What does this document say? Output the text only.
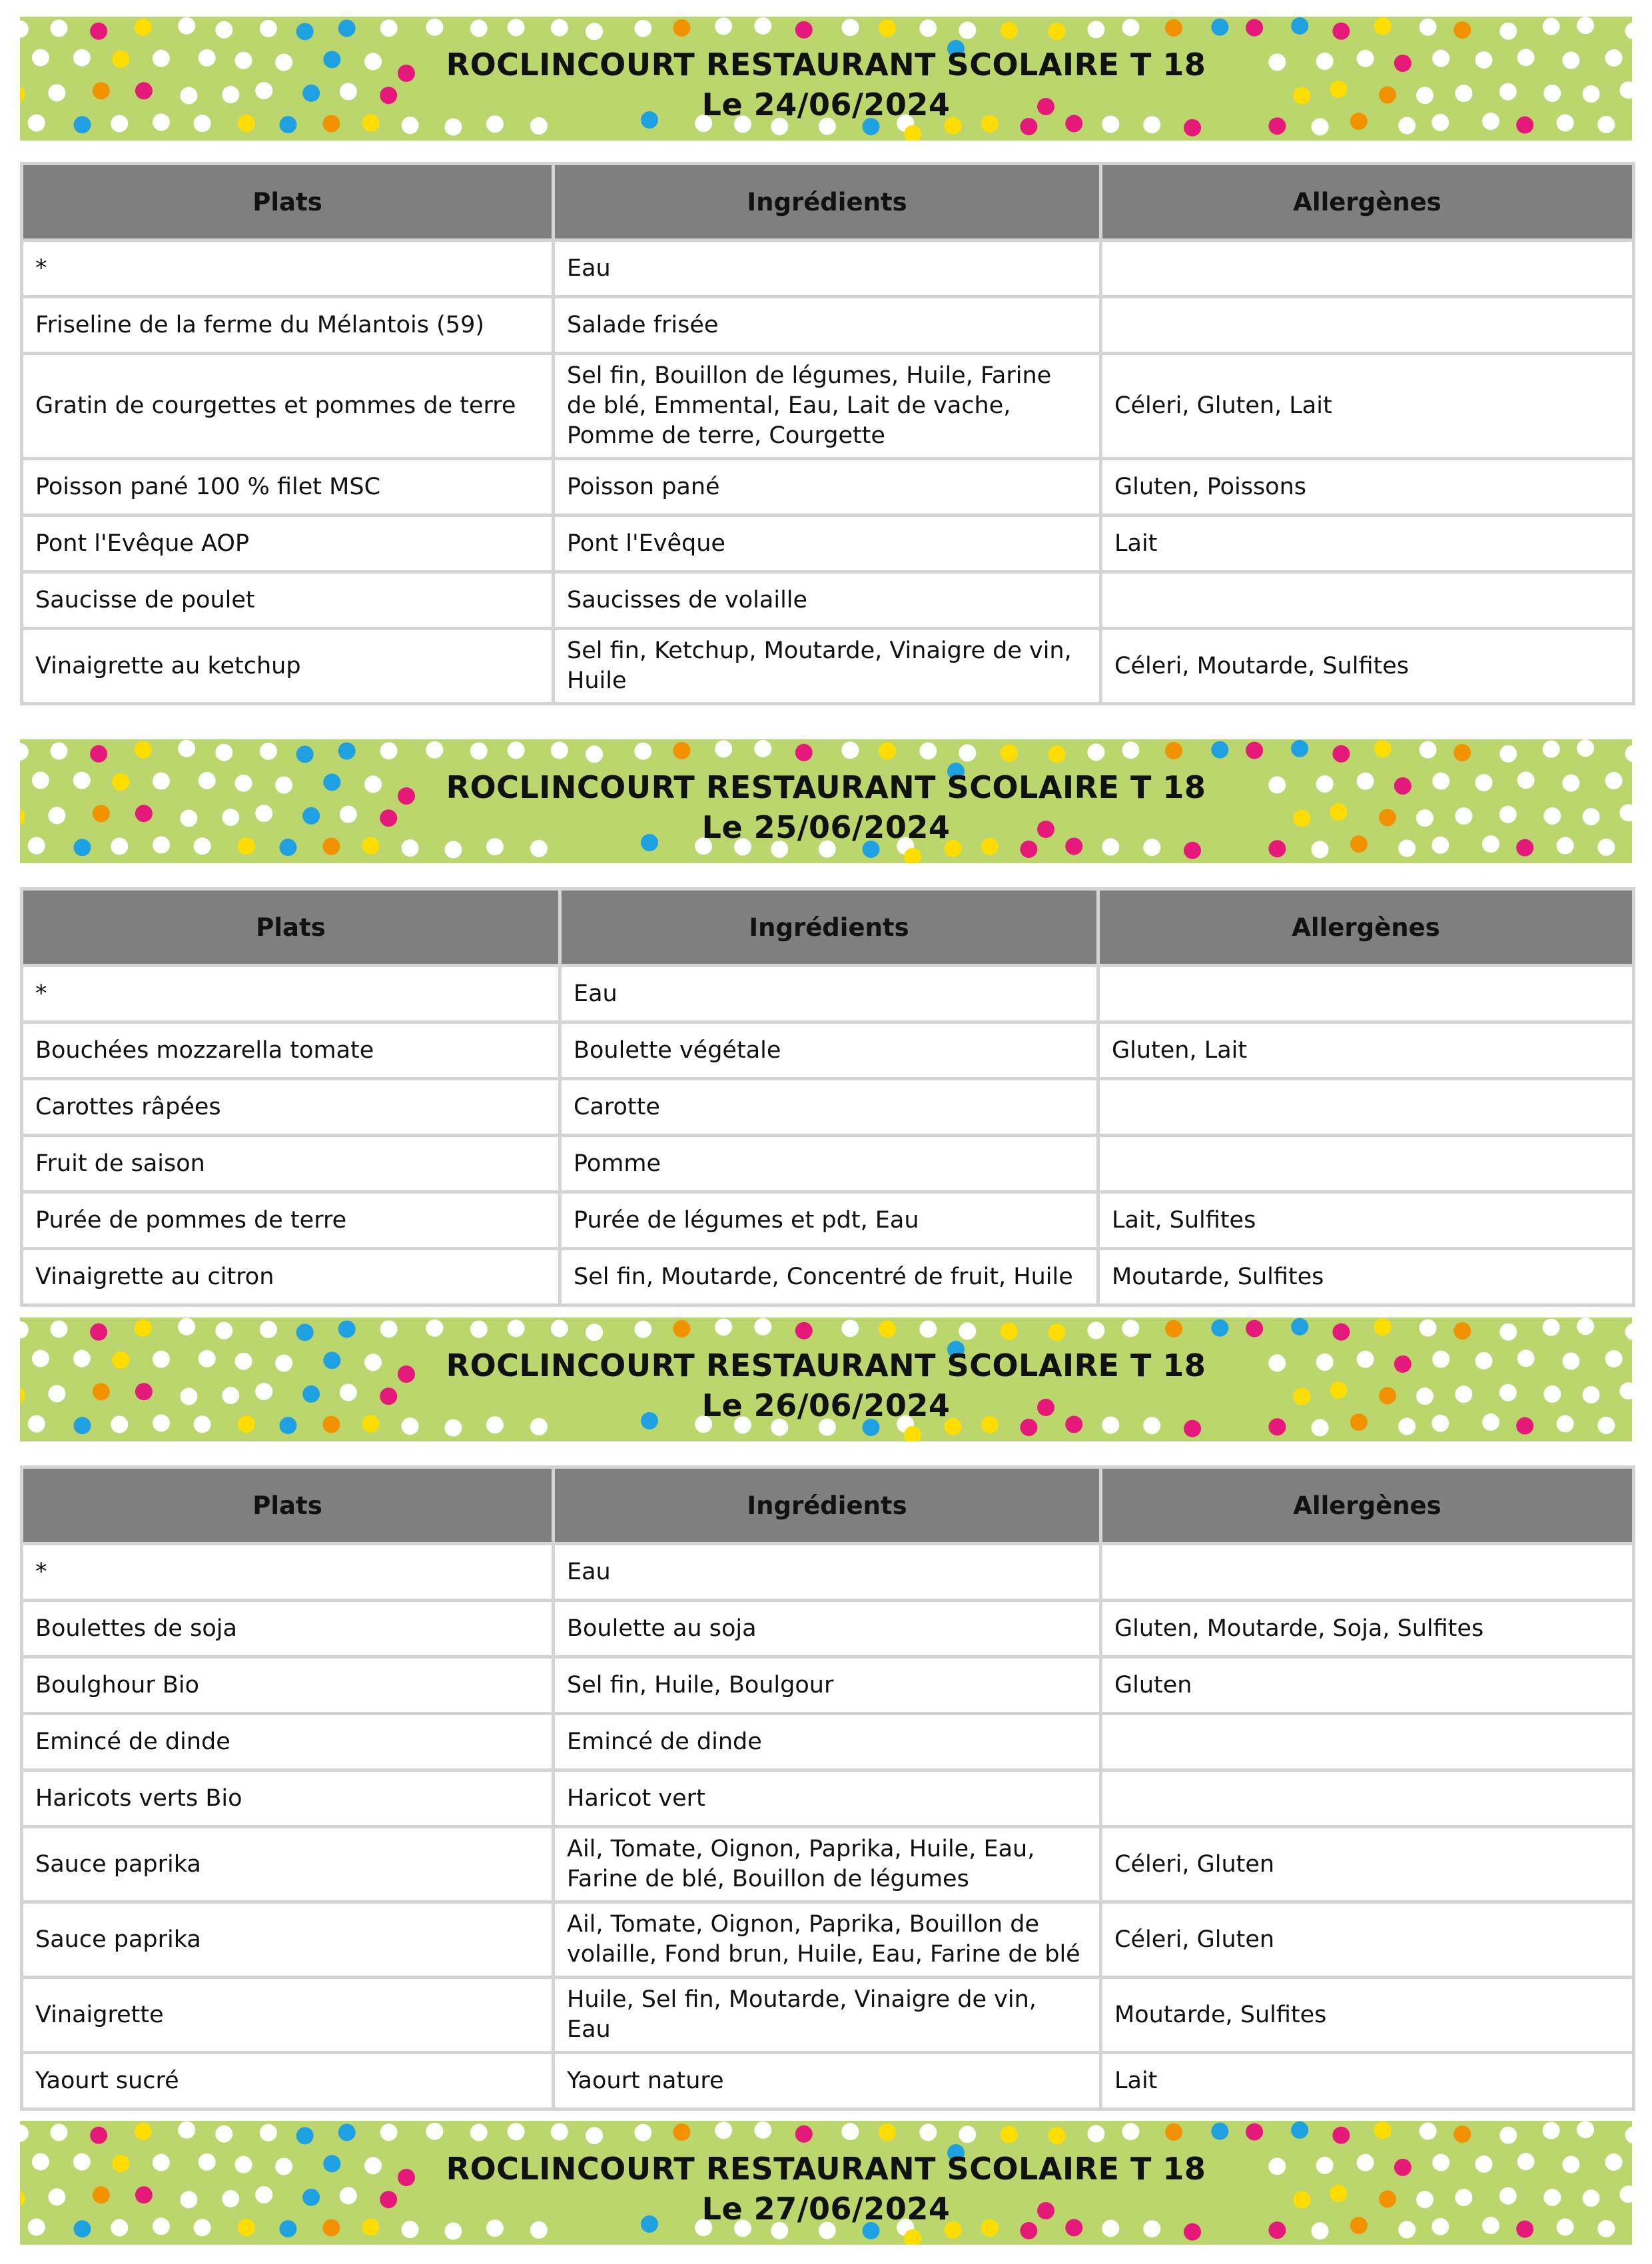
ROCLINCOURT RESTAURANT SCOLAIRE T 18
Le 24/06/2024
Plats	Ingrédients	Allergènes
*	Eau	
Friseline de la ferme du Mélantois (59)	Salade frisée	
Gratin de courgettes et pommes de terre	Sel fin, Bouillon de légumes, Huile, Farine de blé, Emmental, Eau, Lait de vache, Pomme de terre, Courgette	Céleri, Gluten, Lait
Poisson pané 100 % filet MSC	Poisson pané	Gluten, Poissons
Pont l'Evêque AOP	Pont l'Evêque	Lait
Saucisse de poulet	Saucisses de volaille	
Vinaigrette au ketchup	Sel fin, Ketchup, Moutarde, Vinaigre de vin, Huile	Céleri, Moutarde, Sulfites
ROCLINCOURT RESTAURANT SCOLAIRE T 18
Le 25/06/2024
Plats	Ingrédients	Allergènes
*	Eau	
Bouchées mozzarella tomate	Boulette végétale	Gluten, Lait
Carottes râpées	Carotte	
Fruit de saison	Pomme	
Purée de pommes de terre	Purée de légumes et pdt, Eau	Lait, Sulfites
Vinaigrette au citron	Sel fin, Moutarde, Concentré de fruit, Huile	Moutarde, Sulfites
ROCLINCOURT RESTAURANT SCOLAIRE T 18
Le 26/06/2024
Plats	Ingrédients	Allergènes
*	Eau	
Boulettes de soja	Boulette au soja	Gluten, Moutarde, Soja, Sulfites
Boulghour Bio	Sel fin, Huile, Boulgour	Gluten
Emincé de dinde	Emincé de dinde	
Haricots verts Bio	Haricot vert	
Sauce paprika	Ail, Tomate, Oignon, Paprika, Huile, Eau, Farine de blé, Bouillon de légumes	Céleri, Gluten
Sauce paprika	Ail, Tomate, Oignon, Paprika, Bouillon de volaille, Fond brun, Huile, Eau, Farine de blé	Céleri, Gluten
Vinaigrette	Huile, Sel fin, Moutarde, Vinaigre de vin, Eau	Moutarde, Sulfites
Yaourt sucré	Yaourt nature	Lait
ROCLINCOURT RESTAURANT SCOLAIRE T 18
Le 27/06/2024
